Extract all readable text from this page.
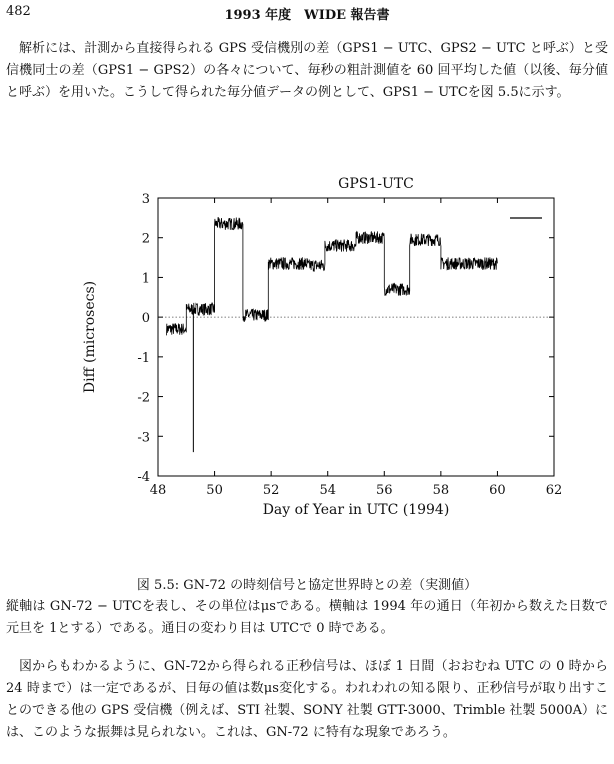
482	1993 年度　WIDE 報告書

解析には、計測から直接得られる GPS 受信機別の差（GPS1 − UTC、GPS2 − UTC と呼ぶ）と受信機同士の差（GPS1 − GPS2）の各々について、毎秒の粗計測値を 60 回平均した値（以後、毎分値と呼ぶ）を用いた。こうして得られた毎分値データの例として、GPS1 − UTCを図 5.5に示す。

-4
-3
-2
-1
0
1
2
3
48	50	52	54	56	58	60	62
GPS1-UTC
Day of Year in UTC (1994)
Diff (microsecs)
図 5.5: GN-72 の時刻信号と協定世界時との差（実測値）

縦軸は GN-72 − UTCを表し、その単位はμsである。横軸は 1994 年の通日（年初から数えた日数で元旦を 1とする）である。通日の変わり目は UTCで 0 時である。

図からもわかるように、GN-72から得られる正秒信号は、ほぼ 1 日間（おおむね UTC の 0 時から 24 時まで）は一定であるが、日毎の値は数μs変化する。われわれの知る限り、正秒信号が取り出すことのできる他の GPS 受信機（例えば、STI 社製、SONY 社製 GTT-3000、Trimble 社製 5000A）には、このような振舞は見られない。これは、GN-72 に特有な現象であろう。
